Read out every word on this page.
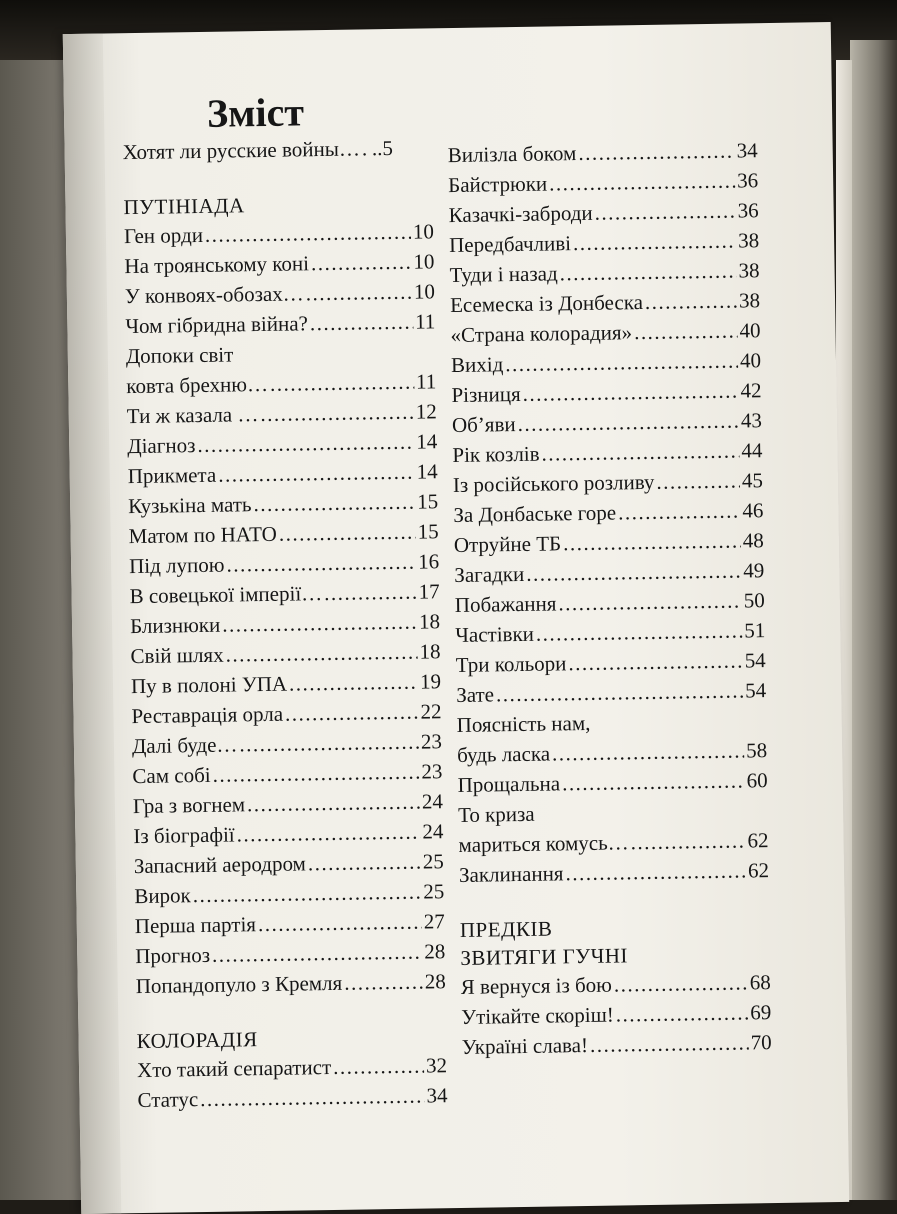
Зміст
Хотят ли русские войны… ..... ..5
ПУТІНІАДА
Ген орди .....	10
На троянському коні .....	10
У конвоях-обозах… .....	10
Чом гібридна війна? .....	11
Допоки світ
ковта брехню… .....	11
Ти ж казала … .....	12
Діагноз .....	14
Прикмета .....	14
Кузькіна мать .....	15
Матом по НАТО .....	15
Під лупою .....	16
В совецької імперії… .....	17
Близнюки .....	18
Свій шлях .....	18
Пу в полоні УПА .....	19
Реставрація орла .....	22
Далі буде… .....	23
Сам собі .....	23
Гра з вогнем .....	24
Із біографії .....	24
Запасний аеродром .....	25
Вирок .....	25
Перша партія .....	27
Прогноз .....	28
Попандопуло з Кремля .....	28
КОЛОРАДІЯ
Хто такий сепаратист .....	32
Статус .....	34
Вилізла боком .....	34
Байстрюки .....	36
Казачкі-заброди .....	36
Передбачливі .....	38
Туди і назад .....	38
Есемеска із Донбеска .....	38
«Страна колорадия» .....	40
Вихід .....	40
Різниця .....	42
Об’яви .....	43
Рік козлів .....	44
Із російського розливу .....	45
За Донбаське горе .....	46
Отруйне ТБ .....	48
Загадки .....	49
Побажання .....	50
Частівки .....	51
Три кольори .....	54
Зате .....	54
Поясність нам,
будь ласка .....	58
Прощальна .....	60
То криза
мариться комусь… .....	62
Заклинання .....	62
ПРЕДКІВ
ЗВИТЯГИ ГУЧНІ
Я вернуся із бою .....	68
Утікайте скоріш! .....	69
Україні слава! .....	70
